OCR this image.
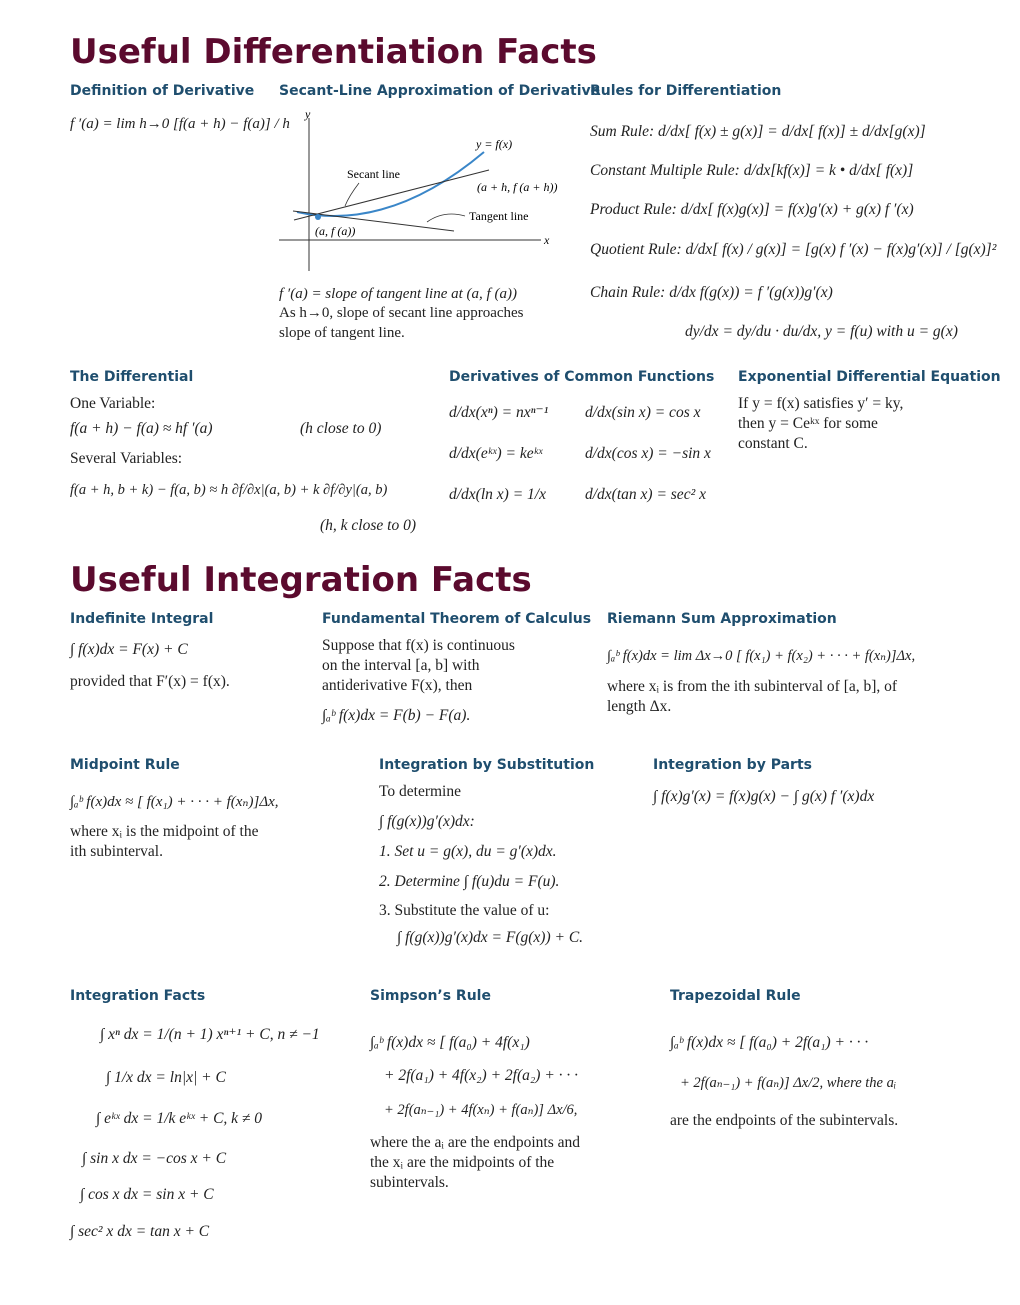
Useful Differentiation Facts
Definition of Derivative
f ′(a) = lim h→0 [f(a + h) − f(a)] / h
Secant-Line Approximation of Derivative
y
x
y = f(x)
Secant line
(a + h, f (a + h))
Tangent line
(a, f (a))
f ′(a) = slope of tangent line at (a, f (a))
As h→0, slope of secant line approaches
slope of tangent line.
Rules for Differentiation
Sum Rule: d/dx[ f(x) ± g(x)] = d/dx[ f(x)] ± d/dx[g(x)]
Constant Multiple Rule: d/dx[kf(x)] = k • d/dx[ f(x)]
Product Rule: d/dx[ f(x)g(x)] = f(x)g′(x) + g(x) f ′(x)
Quotient Rule: d/dx[ f(x) / g(x)] = [g(x) f ′(x) − f(x)g′(x)] / [g(x)]²
Chain Rule: d/dx f(g(x)) = f ′(g(x))g′(x)
dy/dx = dy/du · du/dx, y = f(u) with u = g(x)
The Differential
One Variable:
f(a + h) − f(a) ≈ hf ′(a)	(h close to 0)
Several Variables:
f(a + h, b + k) − f(a, b) ≈ h ∂f/∂x|(a, b) + k ∂f/∂y|(a, b)
(h, k close to 0)
Derivatives of Common Functions
d/dx(xⁿ) = nxⁿ⁻¹ d/dx(sin x) = cos x
d/dx(eᵏˣ) = keᵏˣ	d/dx(cos x) = −sin x
d/dx(ln x) = 1/x	d/dx(tan x) = sec² x
Exponential Differential Equation
If y = f(x) satisfies y′ = ky,
then y = Ceᵏˣ for some
constant C.
Useful Integration Facts
Indefinite Integral
∫ f(x)dx = F(x) + C
provided that F′(x) = f(x).
Fundamental Theorem of Calculus
Suppose that f(x) is continuous
on the interval [a, b] with
antiderivative F(x), then
∫ₐᵇ f(x)dx = F(b) − F(a).
Riemann Sum Approximation
∫ₐᵇ f(x)dx = lim Δx→0 [ f(x₁) + f(x₂) + · · · + f(xₙ)]Δx,
where xᵢ is from the ith subinterval of [a, b], of
length Δx.
Midpoint Rule
∫ₐᵇ f(x)dx ≈ [ f(x₁) + · · · + f(xₙ)]Δx,
where xᵢ is the midpoint of the
ith subinterval.
Integration by Substitution
To determine
∫ f(g(x))g′(x)dx:
1. Set u = g(x), du = g′(x)dx.
2. Determine ∫ f(u)du = F(u).
3. Substitute the value of u:
∫ f(g(x))g′(x)dx = F(g(x)) + C.
Integration by Parts
∫ f(x)g′(x) = f(x)g(x) − ∫ g(x) f ′(x)dx
Integration Facts
∫ xⁿ dx = 1/(n + 1) xⁿ⁺¹ + C, n ≠ −1
∫ 1/x dx = ln|x| + C
∫ eᵏˣ dx = 1/k eᵏˣ + C, k ≠ 0
∫ sin x dx = −cos x + C
∫ cos x dx = sin x + C
∫ sec² x dx = tan x + C
Simpson’s Rule
∫ₐᵇ f(x)dx ≈ [ f(a₀) + 4f(x₁)
+ 2f(a₁) + 4f(x₂) + 2f(a₂) + · · ·
+ 2f(aₙ₋₁) + 4f(xₙ) + f(aₙ)] Δx/6,
where the aᵢ are the endpoints and
the xᵢ are the midpoints of the
subintervals.
Trapezoidal Rule
∫ₐᵇ f(x)dx ≈ [ f(a₀) + 2f(a₁) + · · ·
+ 2f(aₙ₋₁) + f(aₙ)] Δx/2, where the aᵢ
are the endpoints of the subintervals.
